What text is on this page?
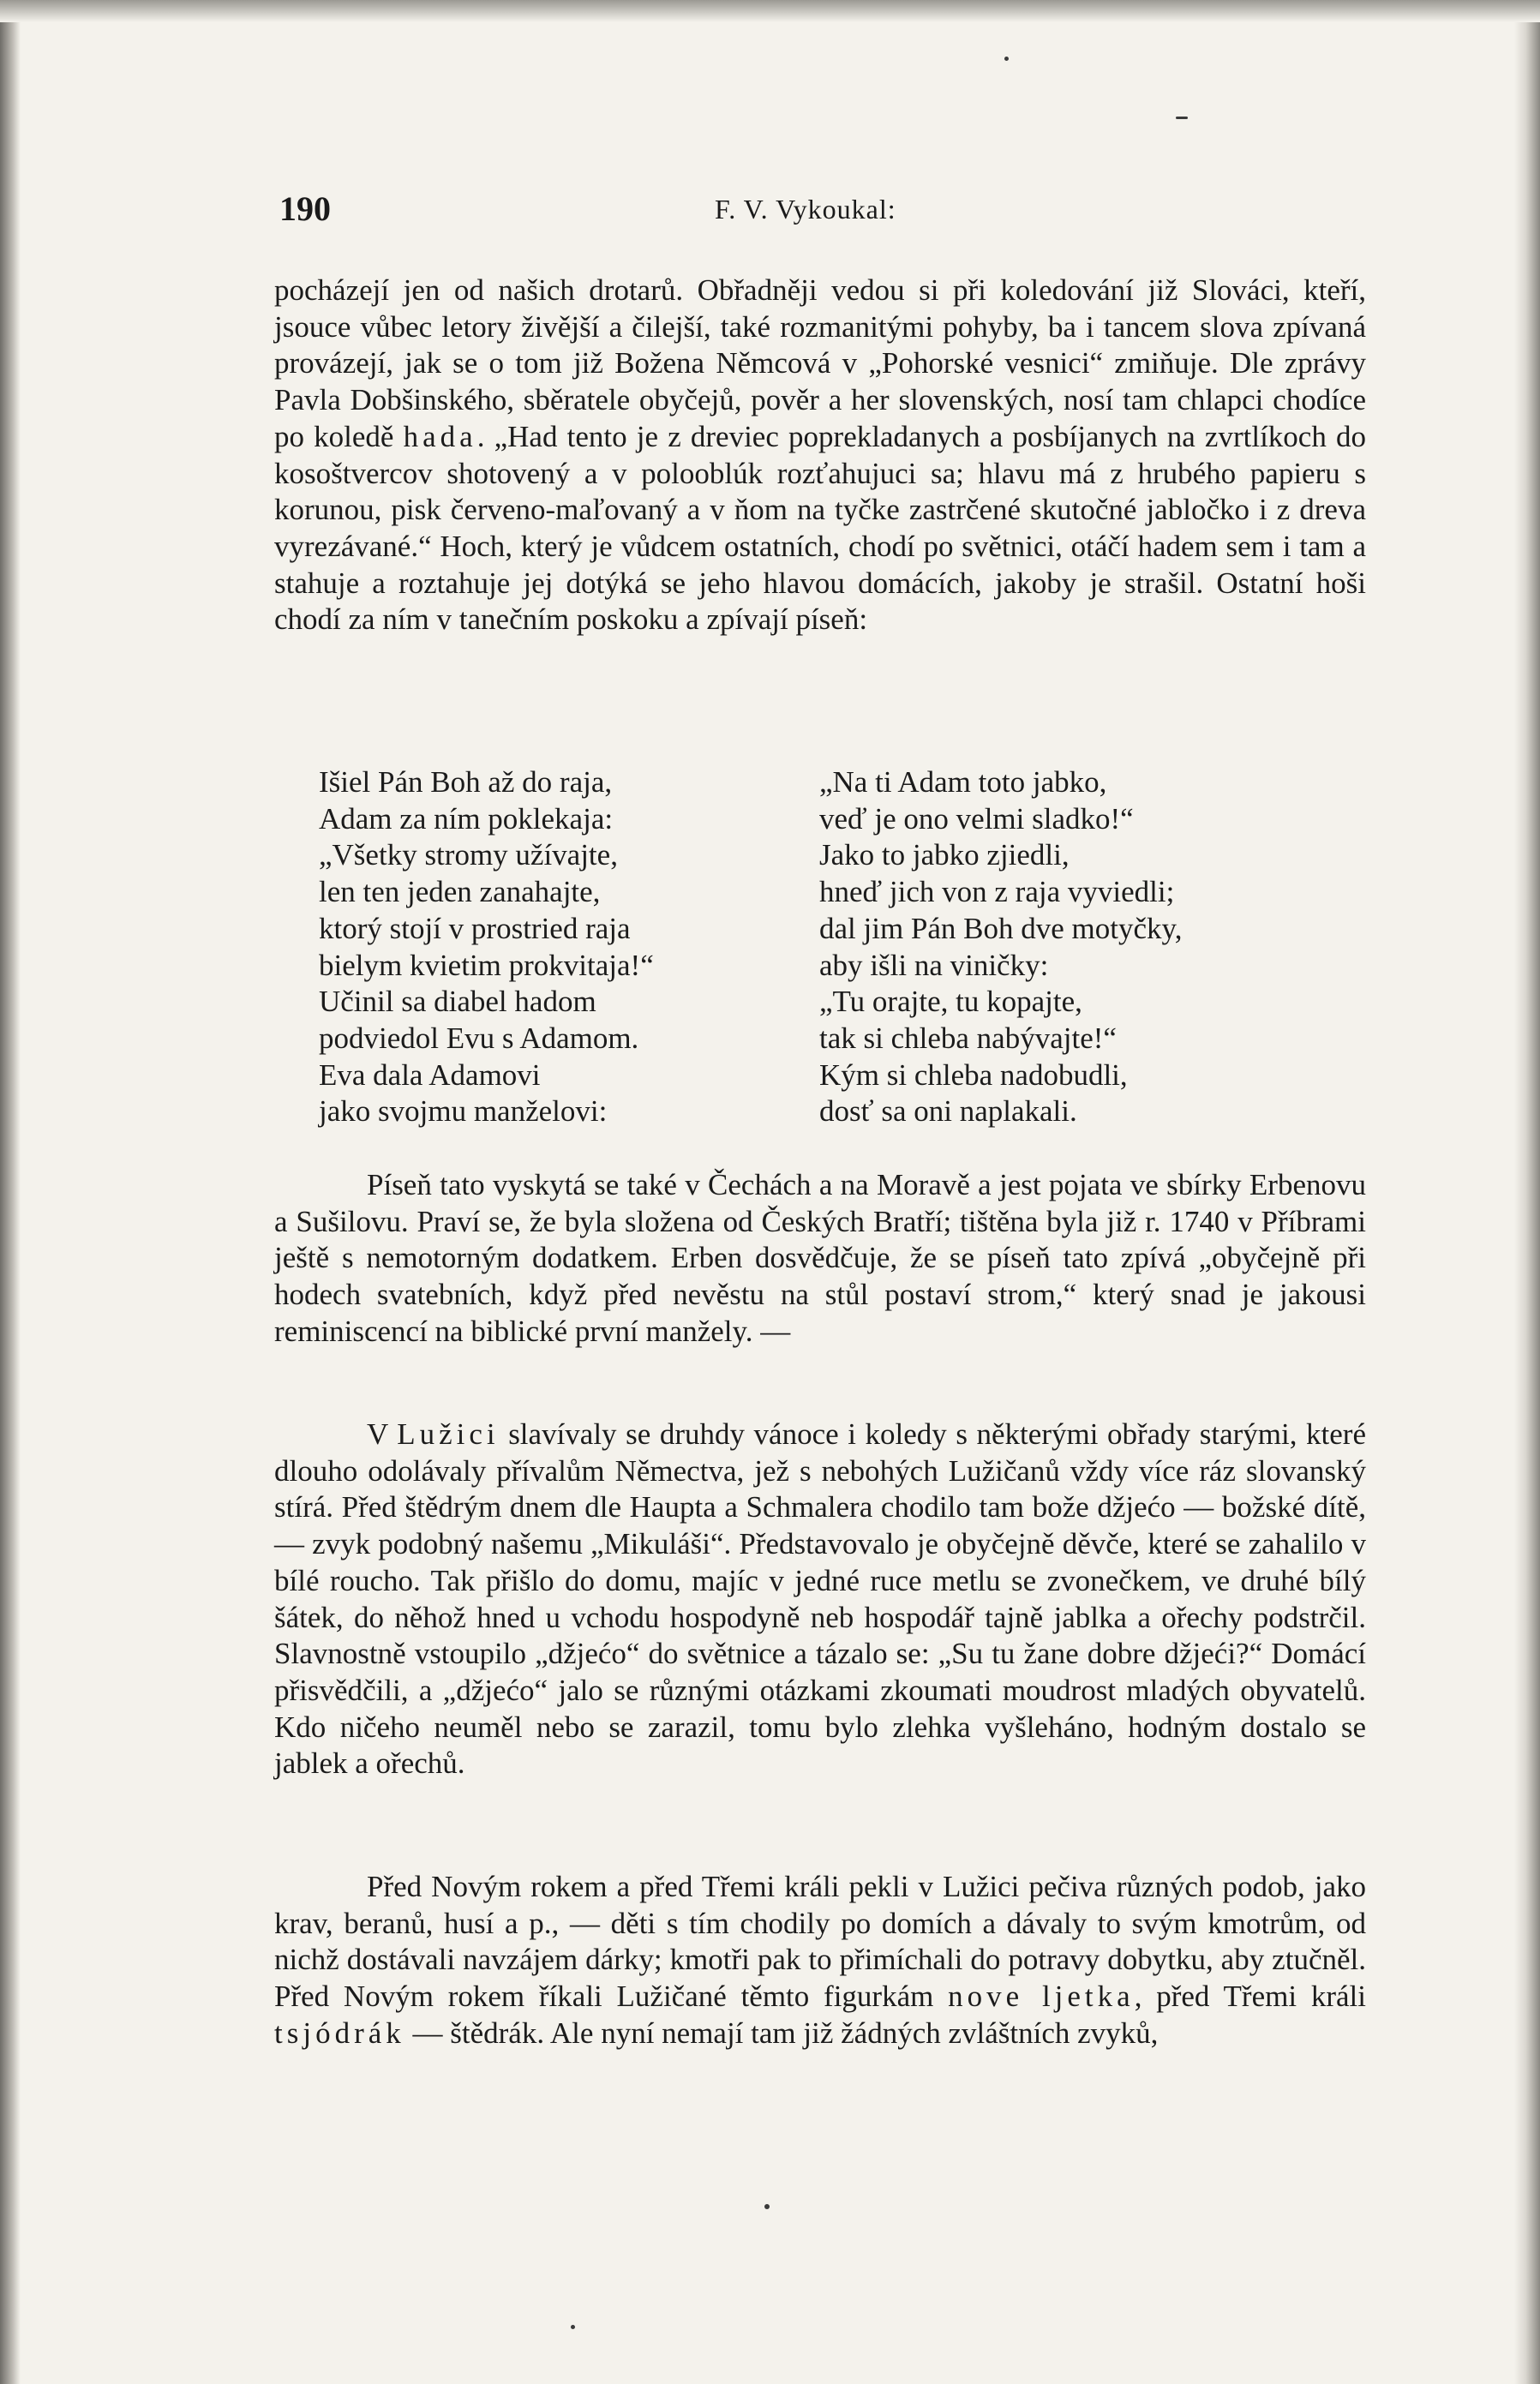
190	F. V. Vykoukal:
pocházejí jen od našich drotarů. Obřadněji vedou si při koledování již Slováci, kteří, jsouce vůbec letory živější a čilejší, také rozmanitými pohyby, ba i tancem slova zpívaná provázejí, jak se o tom již Božena Němcová v „Pohorské vesnici“ zmiňuje. Dle zprávy Pavla Dobšinského, sběratele obyčejů, pověr a her slovenských, nosí tam chlapci chodíce po koledě hada. „Had tento je z dreviec poprekladanych a posbíjanych na zvrtlíkoch do kosoštvercov shotovený a v polooblúk rozťahujuci sa; hlavu má z hrubého papieru s korunou, pisk červeno-maľovaný a v ňom na tyčke zastrčené skutočné jabločko i z dreva vyrezávané.“ Hoch, který je vůdcem ostatních, chodí po světnici, otáčí hadem sem i tam a stahuje a roztahuje jej dotýká se jeho hlavou domácích, jakoby je strašil. Ostatní hoši chodí za ním v tanečním poskoku a zpívají píseň:
Išiel Pán Boh až do raja,
Adam za ním poklekaja:
„Všetky stromy užívajte,
len ten jeden zanahajte,
ktorý stojí v prostried raja
bielym kvietim prokvitaja!“
Učinil sa diabel hadom
podviedol Evu s Adamom.
Eva dala Adamovi
jako svojmu manželovi:
„Na ti Adam toto jabko,
veď je ono velmi sladko!“
Jako to jabko zjiedli,
hneď jich von z raja vyviedli;
dal jim Pán Boh dve motyčky,
aby išli na viničky:
„Tu orajte, tu kopajte,
tak si chleba nabývajte!“
Kým si chleba nadobudli,
dosť sa oni naplakali.
Píseň tato vyskytá se také v Čechách a na Moravě a jest pojata ve sbírky Erbenovu a Sušilovu. Praví se, že byla složena od Českých Bratří; tištěna byla již r. 1740 v Příbrami ještě s nemotorným dodatkem. Erben dosvědčuje, že se píseň tato zpívá „obyčejně při hodech svatebních, když před nevěstu na stůl postaví strom,“ který snad je jakousi reminiscencí na biblické první manžely. —
V Lužici slavívaly se druhdy vánoce i koledy s některými obřady starými, které dlouho odolávaly přívalům Němectva, jež s nebohých Lužičanů vždy více ráz slovanský stírá. Před štědrým dnem dle Haupta a Schmalera chodilo tam bože džjećo — božské dítě, — zvyk podobný našemu „Mikuláši“. Představovalo je obyčejně děvče, které se zahalilo v bílé roucho. Tak přišlo do domu, majíc v jedné ruce metlu se zvonečkem, ve druhé bílý šátek, do něhož hned u vchodu hospodyně neb hospodář tajně jablka a ořechy podstrčil. Slavnostně vstoupilo „džjećo“ do světnice a tázalo se: „Su tu žane dobre džjeći?“ Domácí přisvědčili, a „džjećo“ jalo se různými otázkami zkoumati moudrost mladých obyvatelů. Kdo ničeho neuměl nebo se zarazil, tomu bylo zlehka vyšleháno, hodným dostalo se jablek a ořechů.
Před Novým rokem a před Třemi králi pekli v Lužici pečiva různých podob, jako krav, beranů, husí a p., — děti s tím chodily po domích a dávaly to svým kmotrům, od nichž dostávali navzájem dárky; kmotři pak to přimíchali do potravy dobytku, aby ztučněl. Před Novým rokem říkali Lužičané těmto figurkám nove ljetka, před Třemi králi tsjódrák — štědrák. Ale nyní nemají tam již žádných zvláštních zvyků,
